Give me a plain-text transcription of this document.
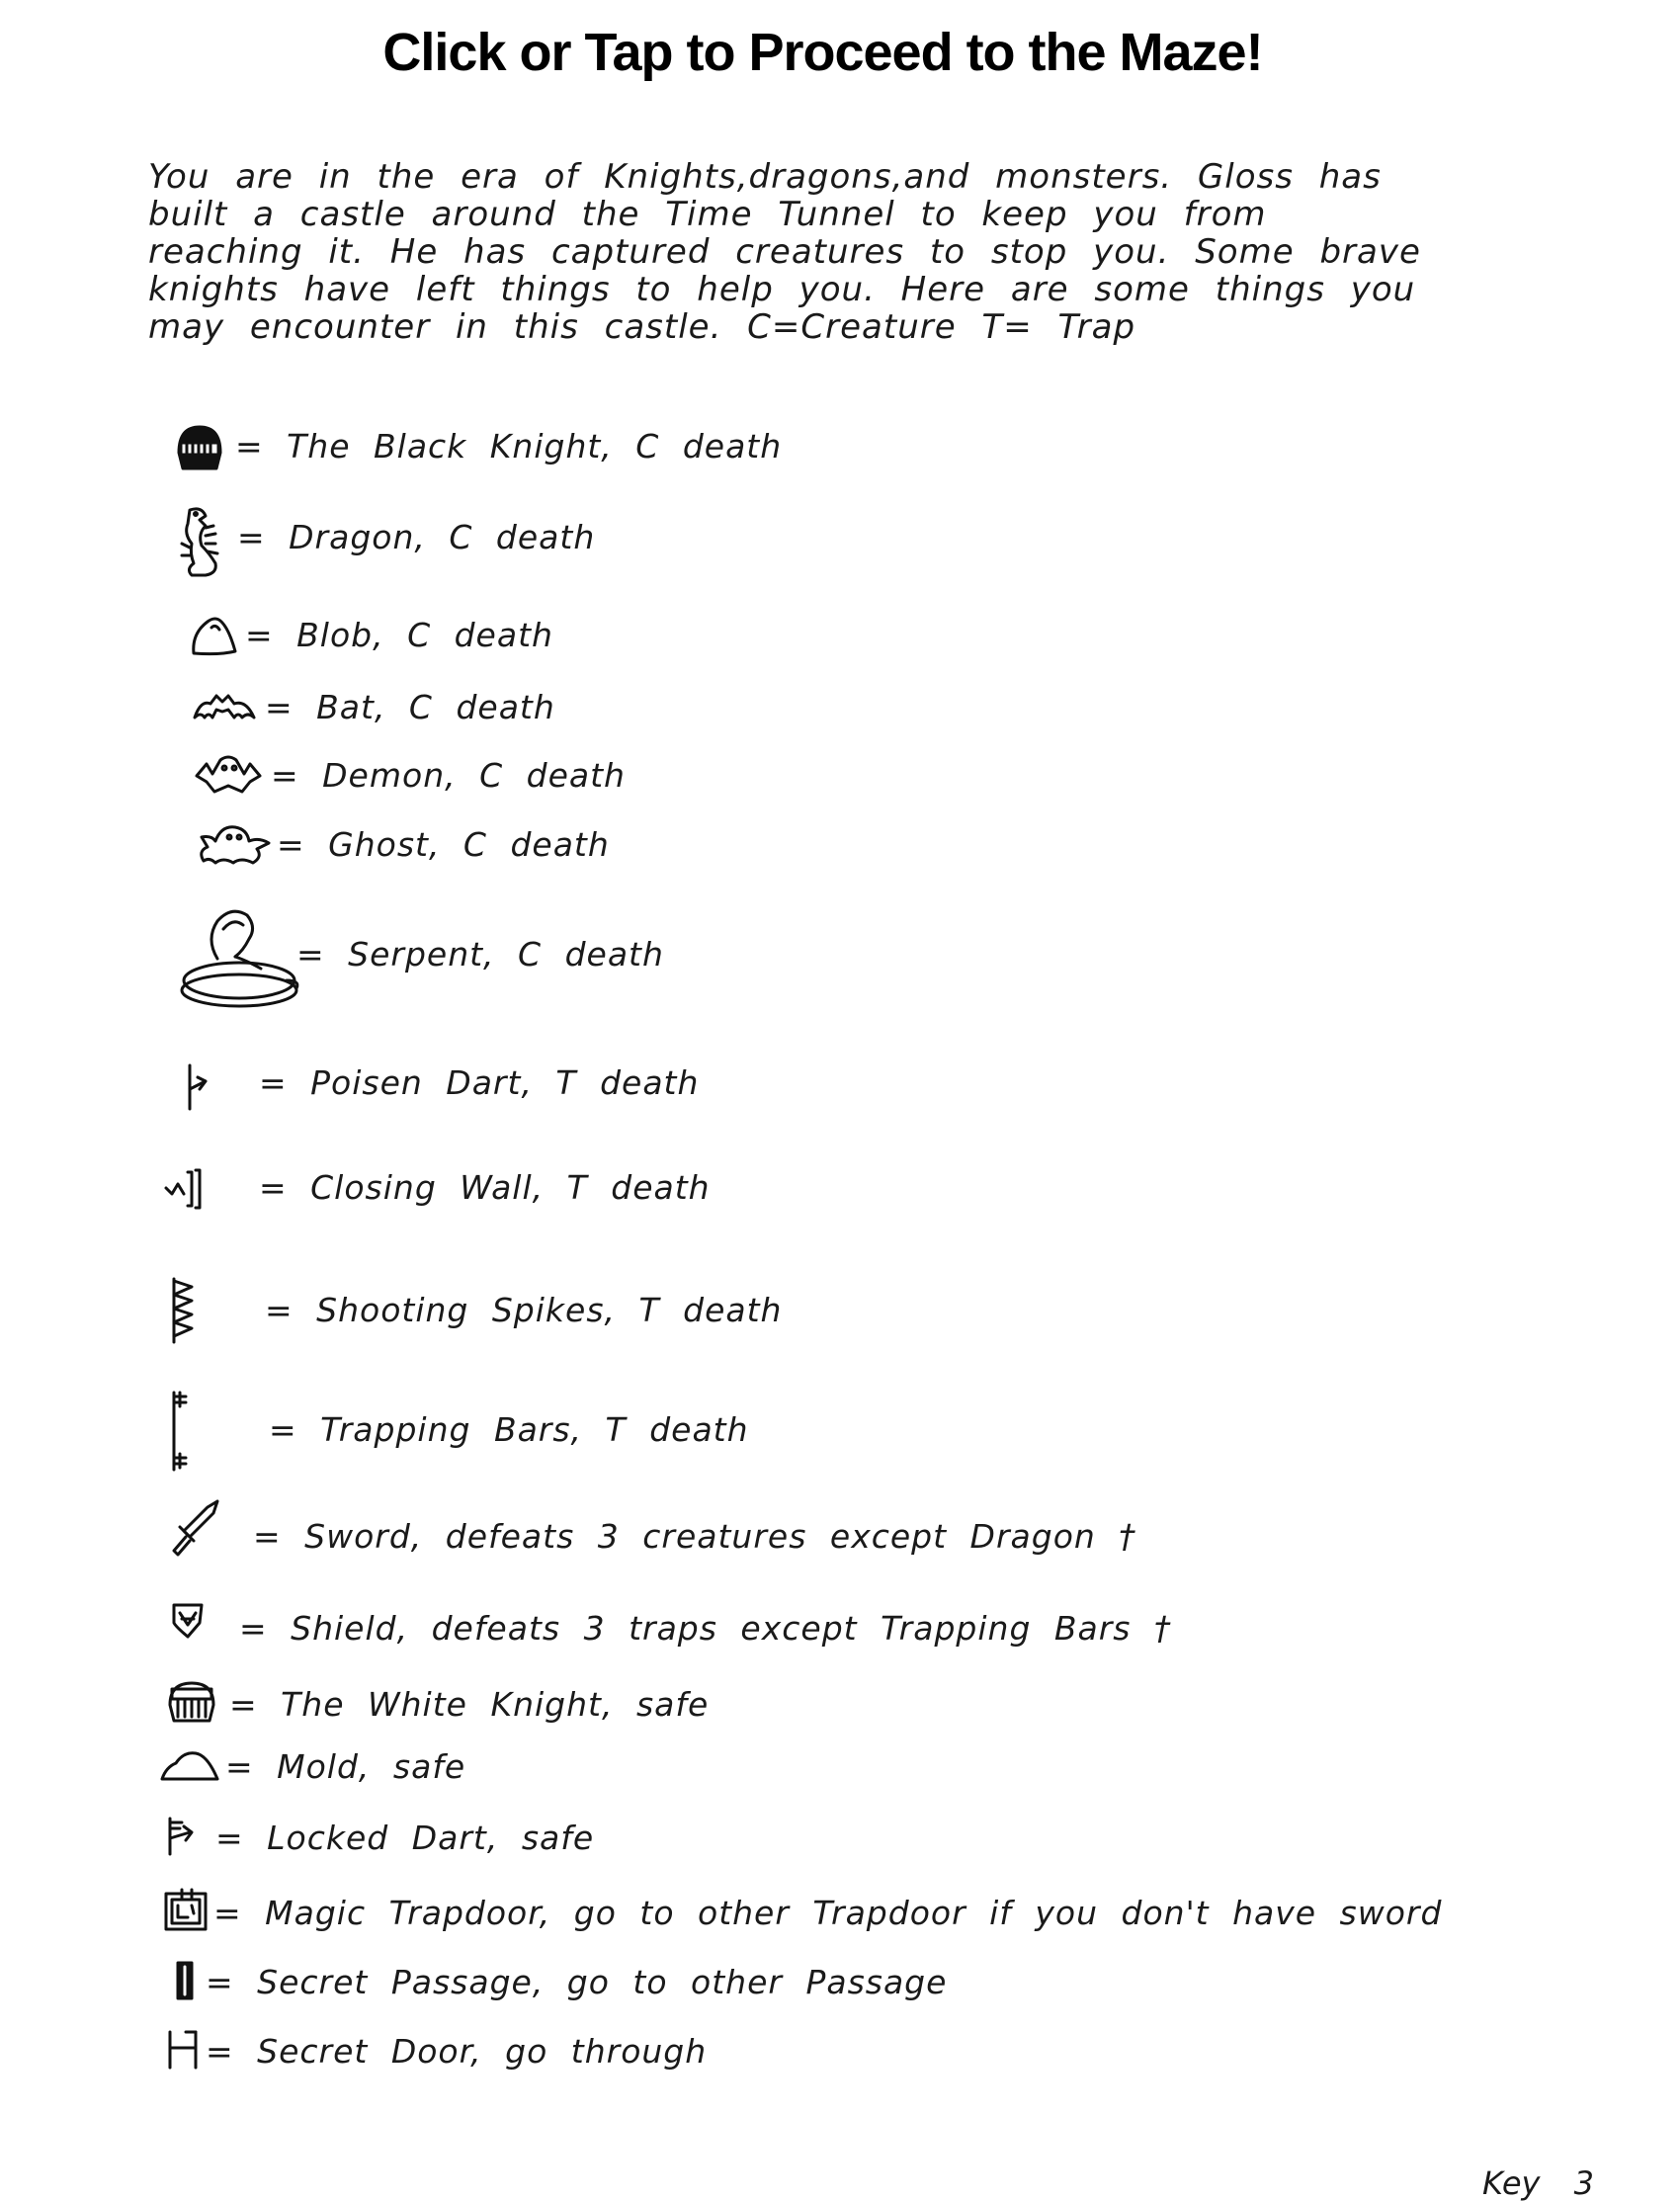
Click or Tap to Proceed to the Maze!
You are in the era of Knights,dragons,and monsters. Gloss has
built a castle around the Time Tunnel to keep you from
reaching it. He has captured creatures to stop you. Some brave
knights have left things to help you. Here are some things you
may encounter in this castle. C=Creature T= Trap
= The Black Knight, C death
= Dragon, C death
= Blob, C death
= Bat, C death
= Demon, C death
= Ghost, C death
= Serpent, C death
= Poisen Dart, T death
= Closing Wall, T death
= Shooting Spikes, T death
= Trapping Bars, T death
= Sword, defeats 3 creatures except Dragon †
= Shield, defeats 3 traps except Trapping Bars †
= The White Knight, safe
= Mold, safe
= Locked Dart, safe
= Magic Trapdoor, go to other Trapdoor if you don't have sword
= Secret Passage, go to other Passage
= Secret Door, go through
Key 3
